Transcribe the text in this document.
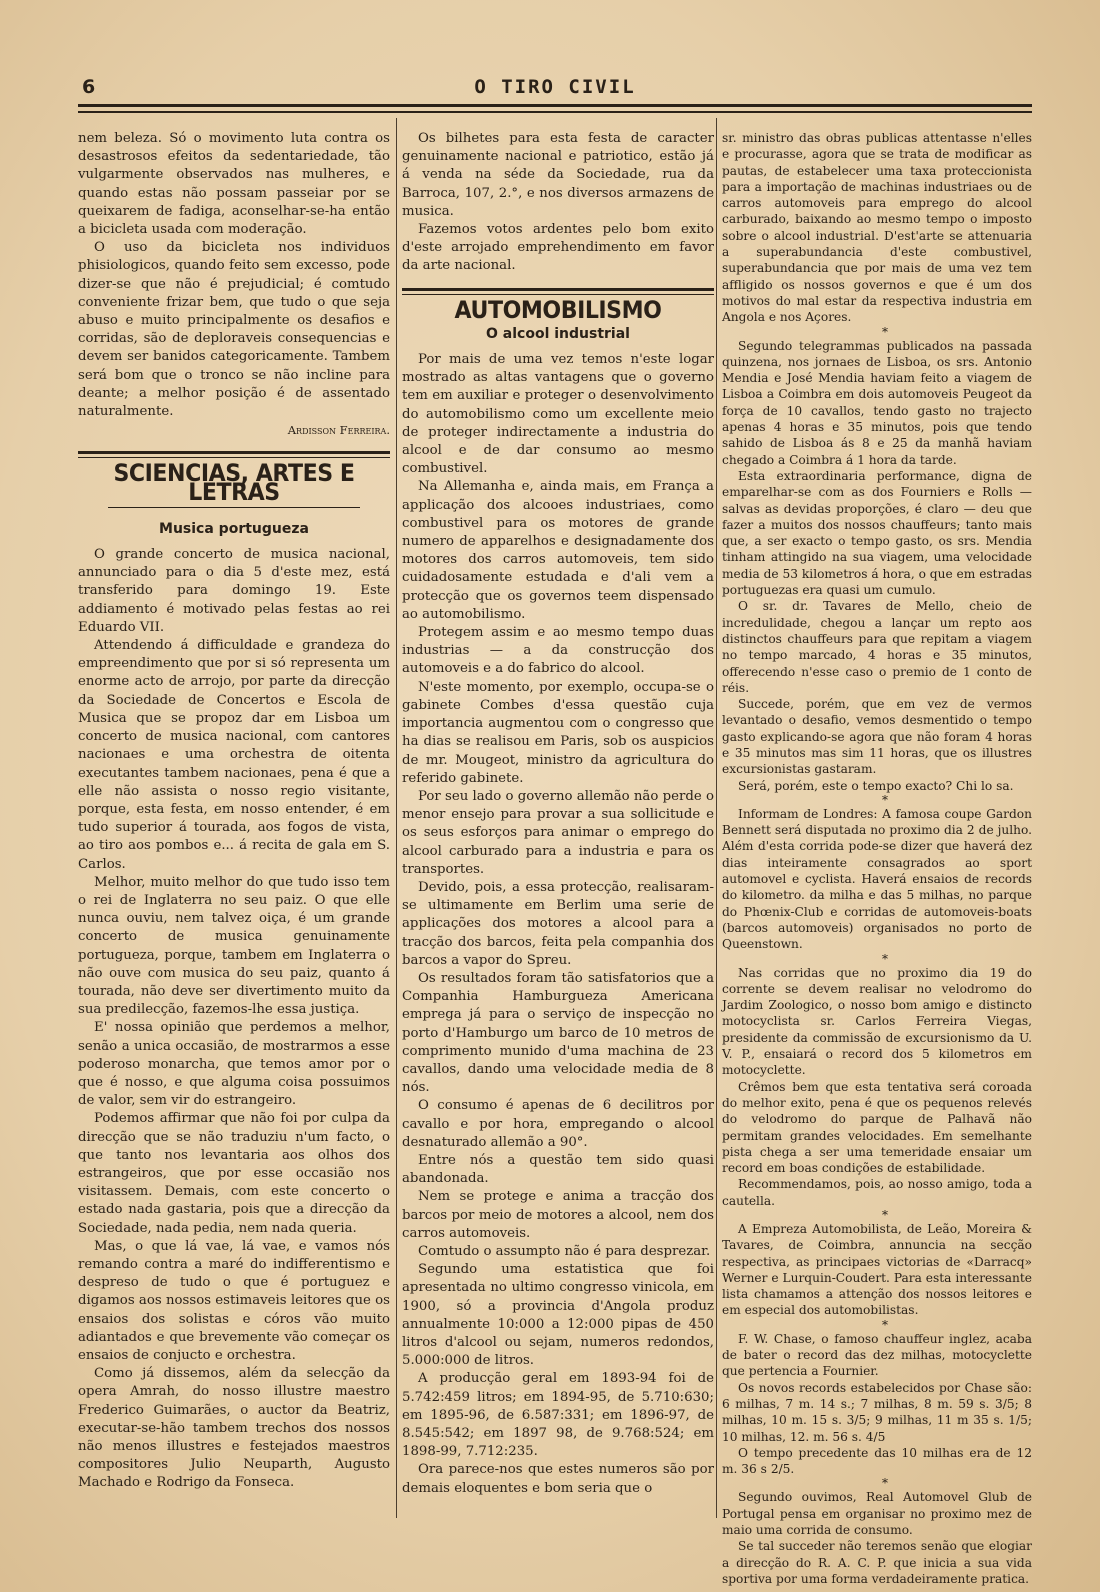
6	O TIRO CIVIL

nem beleza. Só o movimento luta contra os desastrosos efeitos da sedentariedade, tão vulgarmente observados nas mulheres, e quando estas não possam passeiar por se queixarem de fadiga, aconselhar-se-ha então a bicicleta usada com moderação.

O uso da bicicleta nos individuos phisiologicos, quando feito sem excesso, pode dizer-se que não é prejudicial; é comtudo conveniente frizar bem, que tudo o que seja abuso e muito principalmente os desafios e corridas, são de deploraveis consequencias e devem ser banidos categoricamente. Tambem será bom que o tronco se não incline para deante; a melhor posição é de assentado naturalmente.

Ardisson Ferreira.

SCIENCIAS, ARTES E LETRAS
Musica portugueza

O grande concerto de musica nacional, annunciado para o dia 5 d'este mez, está transferido para domingo 19. Este addiamento é motivado pelas festas ao rei Eduardo VII.

Attendendo á difficuldade e grandeza do empreendimento que por si só representa um enorme acto de arrojo, por parte da direcção da Sociedade de Concertos e Escola de Musica que se propoz dar em Lisboa um concerto de musica nacional, com cantores nacionaes e uma orchestra de oitenta executantes tambem nacionaes, pena é que a elle não assista o nosso regio visitante, porque, esta festa, em nosso entender, é em tudo superior á tourada, aos fogos de vista, ao tiro aos pombos e... á recita de gala em S. Carlos.

Melhor, muito melhor do que tudo isso tem o rei de Inglaterra no seu paiz. O que elle nunca ouviu, nem talvez oiça, é um grande concerto de musica genuinamente portugueza, porque, tambem em Inglaterra o não ouve com musica do seu paiz, quanto á tourada, não deve ser divertimento muito da sua predilecção, fazemos-lhe essa justiça.

E' nossa opinião que perdemos a melhor, senão a unica occasião, de mostrarmos a esse poderoso monarcha, que temos amor por o que é nosso, e que alguma coisa possuimos de valor, sem vir do estrangeiro.

Podemos affirmar que não foi por culpa da direcção que se não traduziu n'um facto, o que tanto nos levantaria aos olhos dos estrangeiros, que por esse occasião nos visitassem. Demais, com este concerto o estado nada gastaria, pois que a direcção da Sociedade, nada pedia, nem nada queria.

Mas, o que lá vae, lá vae, e vamos nós remando contra a maré do indifferentismo e despreso de tudo o que é portuguez e digamos aos nossos estimaveis leitores que os ensaios dos solistas e córos vão muito adiantados e que brevemente vão começar os ensaios de conjucto e orchestra.

Como já dissemos, além da selecção da opera Amrah, do nosso illustre maestro Frederico Guimarães, o auctor da Beatriz, executar-se-hão tambem trechos dos nossos não menos illustres e festejados maestros compositores Julio Neuparth, Augusto Machado e Rodrigo da Fonseca.

Os bilhetes para esta festa de caracter genuinamente nacional e patriotico, estão já á venda na séde da Sociedade, rua da Barroca, 107, 2.°, e nos diversos armazens de musica.

Fazemos votos ardentes pelo bom exito d'este arrojado emprehendimento em favor da arte nacional.

AUTOMOBILISMO
O alcool industrial

Por mais de uma vez temos n'este logar mostrado as altas vantagens que o governo tem em auxiliar e proteger o desenvolvimento do automobilismo como um excellente meio de proteger indirectamente a industria do alcool e de dar consumo ao mesmo combustivel.

Na Allemanha e, ainda mais, em França a applicação dos alcooes industriaes, como combustivel para os motores de grande numero de apparelhos e designadamente dos motores dos carros automoveis, tem sido cuidadosamente estudada e d'ali vem a protecção que os governos teem dispensado ao automobilismo.

Protegem assim e ao mesmo tempo duas industrias — a da construcção dos automoveis e a do fabrico do alcool.

N'este momento, por exemplo, occupa-se o gabinete Combes d'essa questão cuja importancia augmentou com o congresso que ha dias se realisou em Paris, sob os auspicios de mr. Mougeot, ministro da agricultura do referido gabinete.

Por seu lado o governo allemão não perde o menor ensejo para provar a sua sollicitude e os seus esforços para animar o emprego do alcool carburado para a industria e para os transportes.

Devido, pois, a essa protecção, realisaram-se ultimamente em Berlim uma serie de applicações dos motores a alcool para a tracção dos barcos, feita pela companhia dos barcos a vapor do Spreu.

Os resultados foram tão satisfatorios que a Companhia Hamburgueza Americana emprega já para o serviço de inspecção no porto d'Hamburgo um barco de 10 metros de comprimento munido d'uma machina de 23 cavallos, dando uma velocidade media de 8 nós.

O consumo é apenas de 6 decilitros por cavallo e por hora, empregando o alcool desnaturado allemão a 90°.

Entre nós a questão tem sido quasi abandonada.

Nem se protege e anima a tracção dos barcos por meio de motores a alcool, nem dos carros automoveis.

Comtudo o assumpto não é para desprezar.

Segundo uma estatistica que foi apresentada no ultimo congresso vinicola, em 1900, só a provincia d'Angola produz annualmente 10:000 a 12:000 pipas de 450 litros d'alcool ou sejam, numeros redondos, 5.000:000 de litros.

A producção geral em 1893-94 foi de 5.742:459 litros; em 1894-95, de 5.710:630; em 1895-96, de 6.587:331; em 1896-97, de 8.545:542; em 1897 98, de 9.768:524; em 1898-99, 7.712:235.

Ora parece-nos que estes numeros são por demais eloquentes e bom seria que o

sr. ministro das obras publicas attentasse n'elles e procurasse, agora que se trata de modificar as pautas, de estabelecer uma taxa proteccionista para a importação de machinas industriaes ou de carros automoveis para emprego do alcool carburado, baixando ao mesmo tempo o imposto sobre o alcool industrial. D'est'arte se attenuaria a superabundancia d'este combustivel, superabundancia que por mais de uma vez tem affligido os nossos governos e que é um dos motivos do mal estar da respectiva industria em Angola e nos Açores.

*

Segundo telegrammas publicados na passada quinzena, nos jornaes de Lisboa, os srs. Antonio Mendia e José Mendia haviam feito a viagem de Lisboa a Coimbra em dois automoveis Peugeot da força de 10 cavallos, tendo gasto no trajecto apenas 4 horas e 35 minutos, pois que tendo sahido de Lisboa ás 8 e 25 da manhã haviam chegado a Coimbra á 1 hora da tarde.

Esta extraordinaria performance, digna de emparelhar-se com as dos Fourniers e Rolls — salvas as devidas proporções, é claro — deu que fazer a muitos dos nossos chauffeurs; tanto mais que, a ser exacto o tempo gasto, os srs. Mendia tinham attingido na sua viagem, uma velocidade media de 53 kilometros á hora, o que em estradas portuguezas era quasi um cumulo.

O sr. dr. Tavares de Mello, cheio de incredulidade, chegou a lançar um repto aos distinctos chauffeurs para que repitam a viagem no tempo marcado, 4 horas e 35 minutos, offerecendo n'esse caso o premio de 1 conto de réis.

Succede, porém, que em vez de vermos levantado o desafio, vemos desmentido o tempo gasto explicando-se agora que não foram 4 horas e 35 minutos mas sim 11 horas, que os illustres excursionistas gastaram.

Será, porém, este o tempo exacto? Chi lo sa.

*

Informam de Londres: A famosa coupe Gardon Bennett será disputada no proximo dia 2 de julho. Além d'esta corrida pode-se dizer que haverá dez dias inteiramente consagrados ao sport automovel e cyclista. Haverá ensaios de records do kilometro. da milha e das 5 milhas, no parque do Phœnix-Club e corridas de automoveis-boats (barcos automoveis) organisados no porto de Queenstown.

*

Nas corridas que no proximo dia 19 do corrente se devem realisar no velodromo do Jardim Zoologico, o nosso bom amigo e distincto motocyclista sr. Carlos Ferreira Viegas, presidente da commissão de excursionismo da U. V. P., ensaiará o record dos 5 kilometros em motocyclette.

Crêmos bem que esta tentativa será coroada do melhor exito, pena é que os pequenos relevés do velodromo do parque de Palhavã não permitam grandes velocidades. Em semelhante pista chega a ser uma temeridade ensaiar um record em boas condições de estabilidade.

Recommendamos, pois, ao nosso amigo, toda a cautella.

*

A Empreza Automobilista, de Leão, Moreira & Tavares, de Coimbra, annuncia na secção respectiva, as principaes victorias de «Darracq» Werner e Lurquin-Coudert. Para esta interessante lista chamamos a attenção dos nossos leitores e em especial dos automobilistas.

*

F. W. Chase, o famoso chauffeur inglez, acaba de bater o record das dez milhas, motocyclette que pertencia a Fournier.

Os novos records estabelecidos por Chase são: 6 milhas, 7 m. 14 s.; 7 milhas, 8 m. 59 s. 3/5; 8 milhas, 10 m. 15 s. 3/5; 9 milhas, 11 m 35 s. 1/5; 10 milhas, 12. m. 56 s. 4/5

O tempo precedente das 10 milhas era de 12 m. 36 s 2/5.

*

Segundo ouvimos, Real Automovel Glub de Portugal pensa em organisar no proximo mez de maio uma corrida de consumo.

Se tal succeder não teremos senão que elogiar a direcção do R. A. C. P. que inicia a sua vida sportiva por uma forma verdadeiramente pratica.
